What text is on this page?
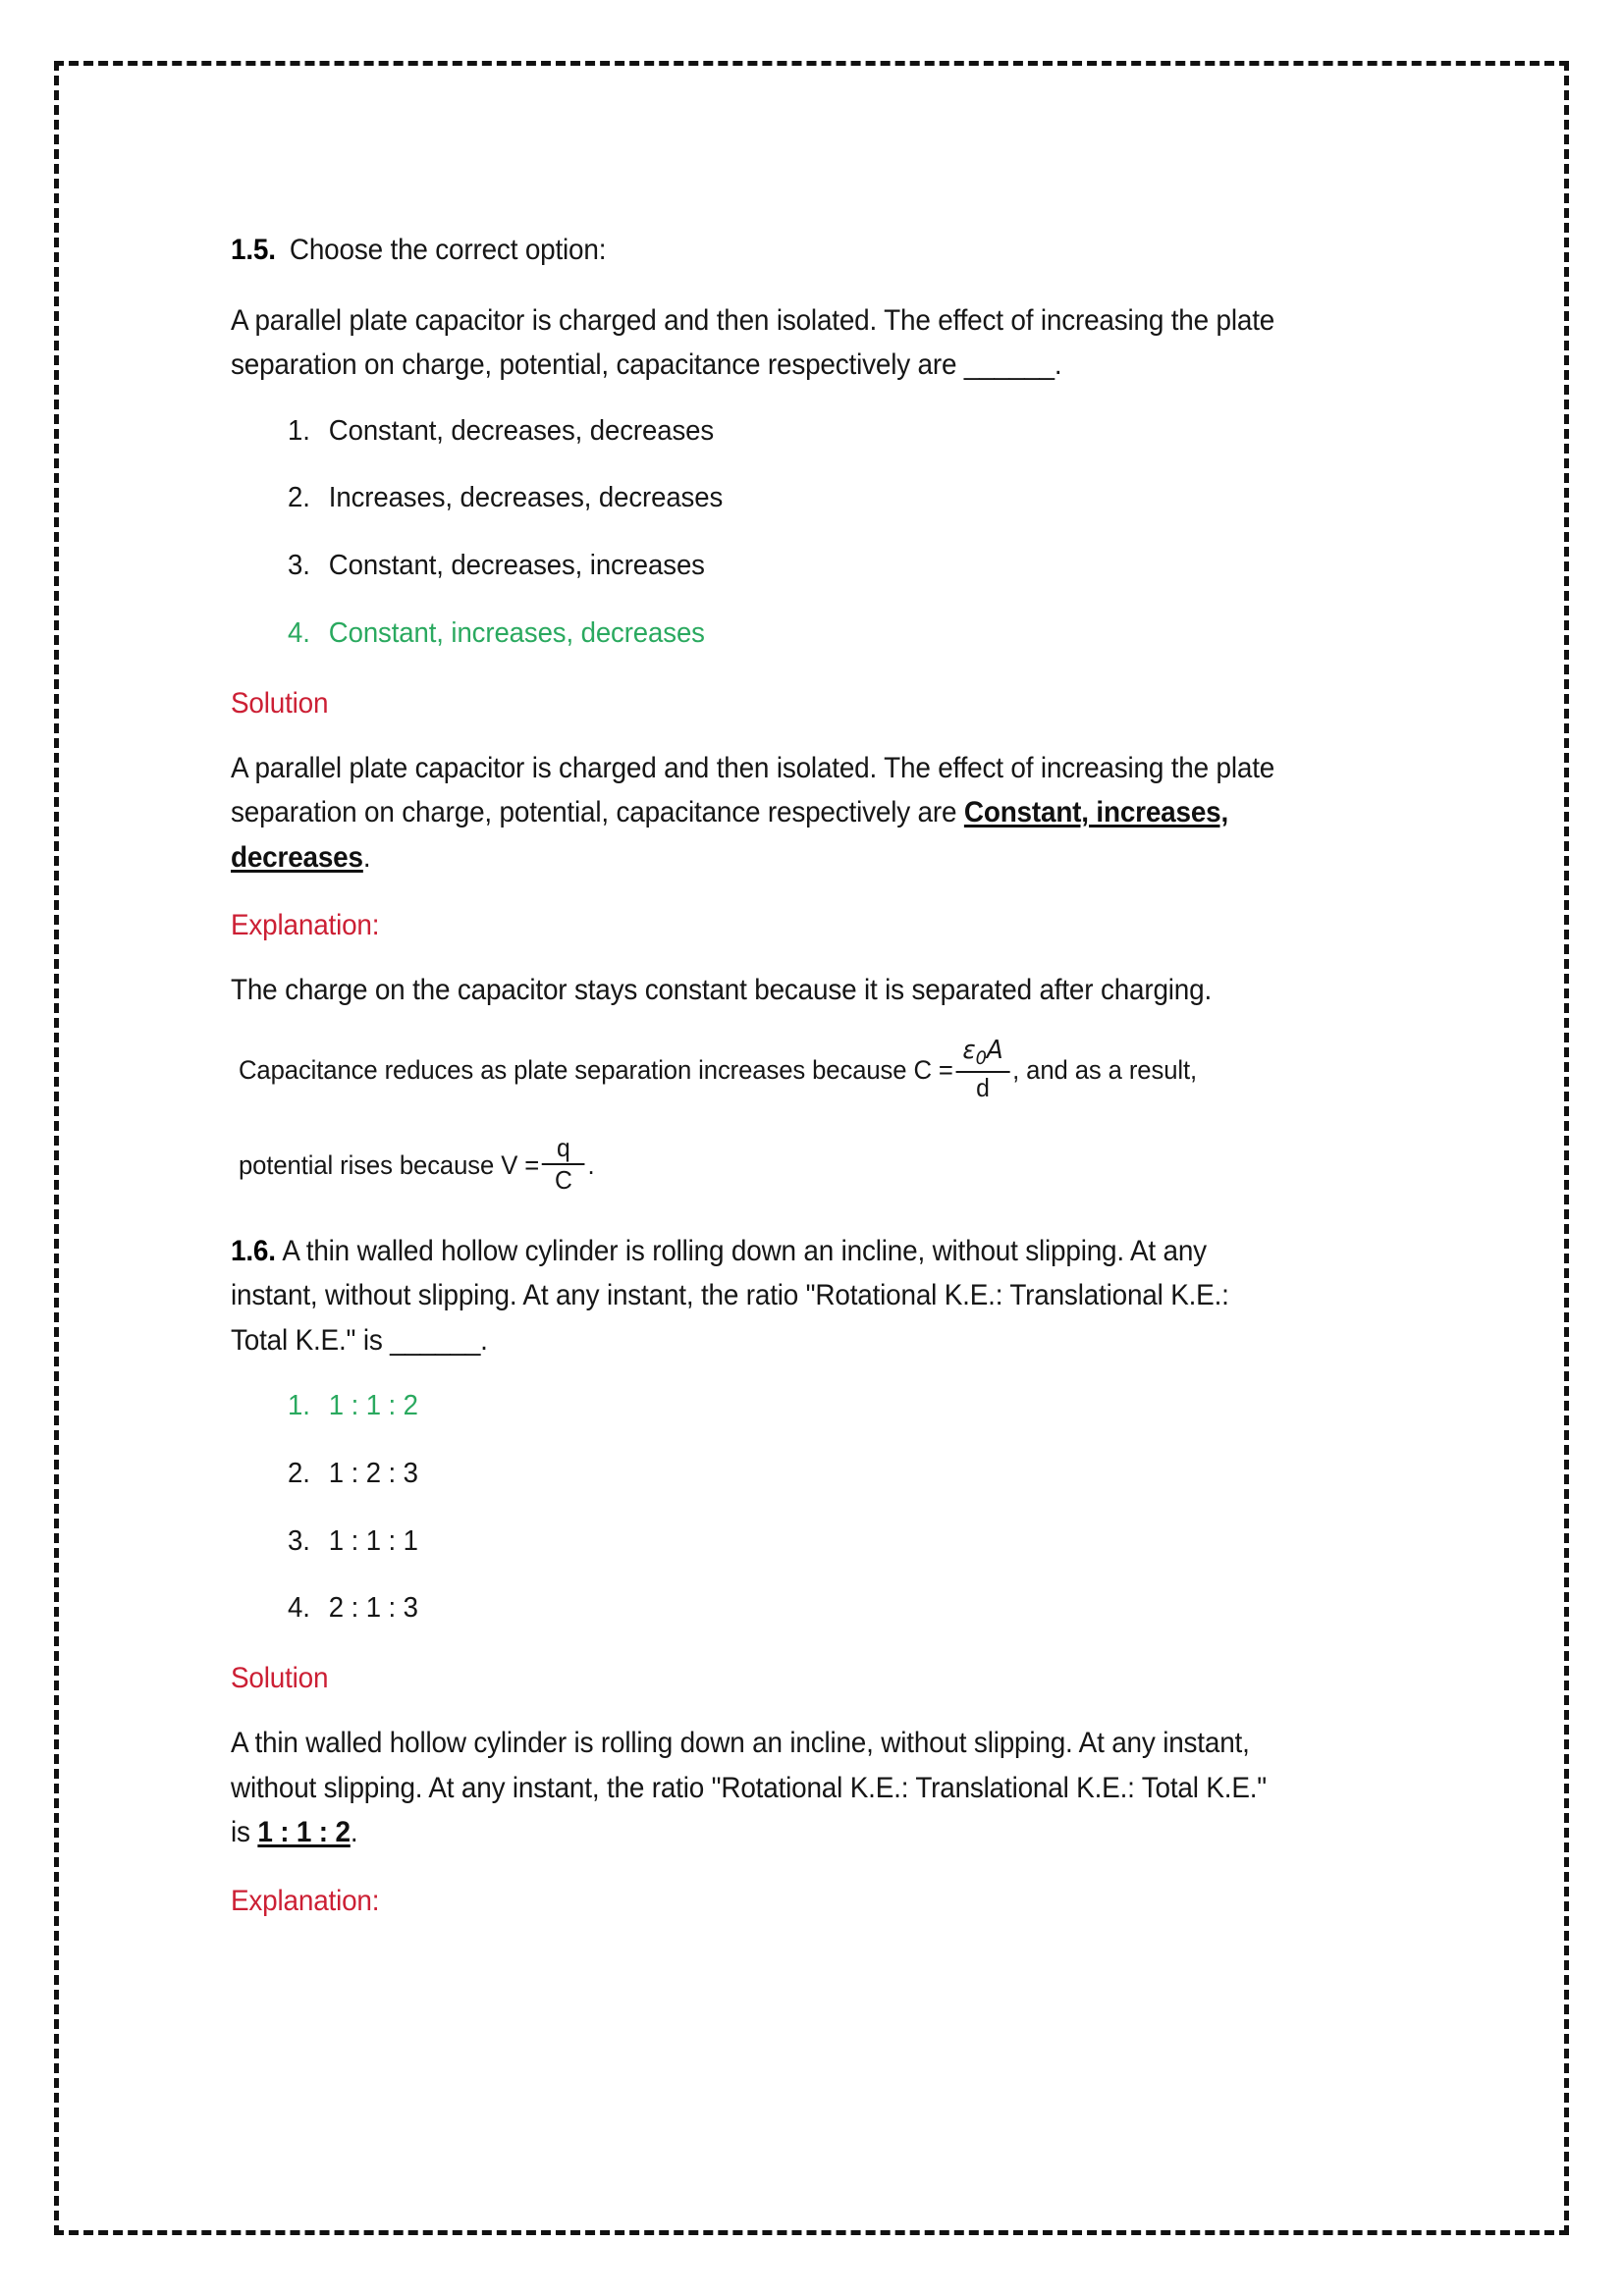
1.5. Choose the correct option:

A parallel plate capacitor is charged and then isolated. The effect of increasing the plate separation on charge, potential, capacitance respectively are ______.

1. Constant, decreases, decreases
2. Increases, decreases, decreases
3. Constant, decreases, increases
4. Constant, increases, decreases

Solution

A parallel plate capacitor is charged and then isolated. The effect of increasing the plate separation on charge, potential, capacitance respectively are Constant, increases, decreases.

Explanation:

The charge on the capacitor stays constant because it is separated after charging.

Capacitance reduces as plate separation increases because $C = \frac{\varepsilon_0A}{d}$ , and as a result,
potential rises because $V = \frac{q}{C}$ .

1.6. A thin walled hollow cylinder is rolling down an incline, without slipping. At any instant, without slipping. At any instant, the ratio "Rotational K.E.: Translational K.E.: Total K.E." is ______.

1. 1 : 1 : 2
2. 1 : 2 : 3
3. 1 : 1 : 1
4. 2 : 1 : 3

Solution

A thin walled hollow cylinder is rolling down an incline, without slipping. At any instant, without slipping. At any instant, the ratio "Rotational K.E.: Translational K.E.: Total K.E." is 1 : 1 : 2.

Explanation:
